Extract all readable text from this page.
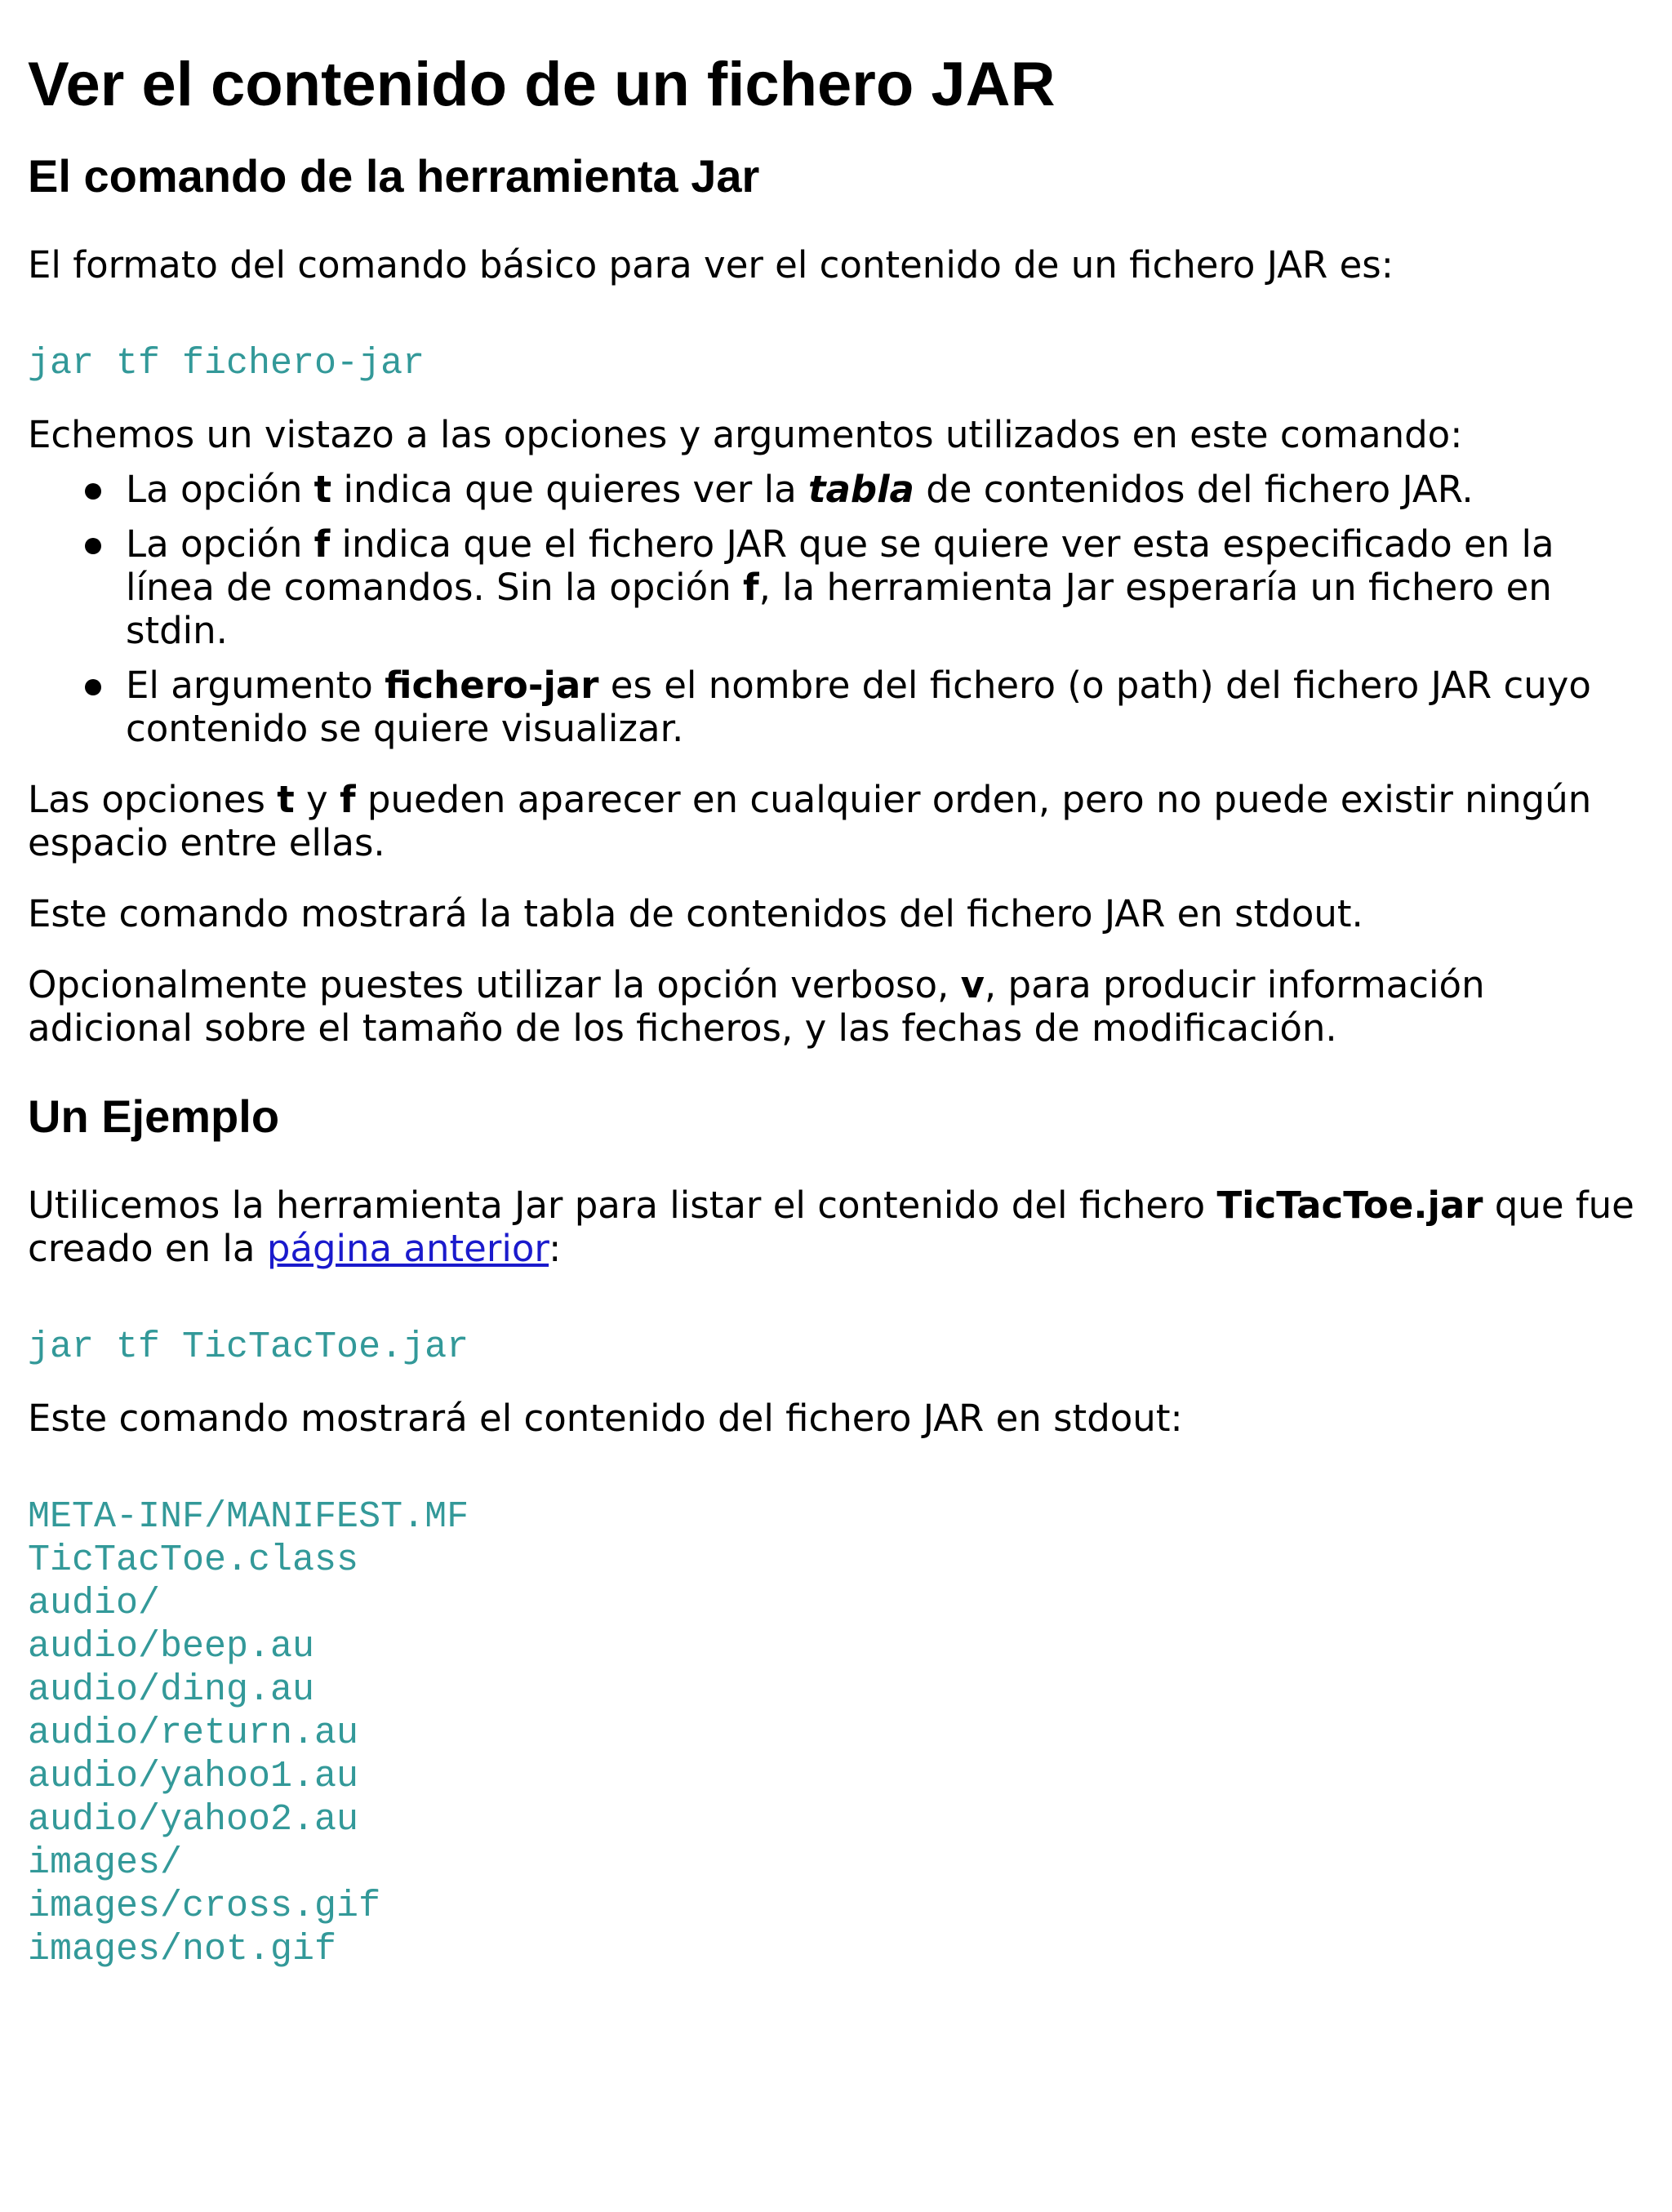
Ver el contenido de un fichero JAR
El comando de la herramienta Jar

El formato del comando básico para ver el contenido de un fichero JAR es:

jar tf fichero-jar

Echemos un vistazo a las opciones y argumentos utilizados en este comando:

La opción t indica que quieres ver la tabla de contenidos del fichero JAR.
La opción f indica que el fichero JAR que se quiere ver esta especificado en la línea de comandos. Sin la opción f, la herramienta Jar esperaría un fichero en stdin.
El argumento fichero-jar es el nombre del fichero (o path) del fichero JAR cuyo contenido se quiere visualizar.

Las opciones t y f pueden aparecer en cualquier orden, pero no puede existir ningún espacio entre ellas.

Este comando mostrará la tabla de contenidos del fichero JAR en stdout.

Opcionalmente puestes utilizar la opción verboso, v, para producir información adicional sobre el tamaño de los ficheros, y las fechas de modificación.

Un Ejemplo

Utilicemos la herramienta Jar para listar el contenido del fichero TicTacToe.jar que fue creado en la página anterior:

jar tf TicTacToe.jar

Este comando mostrará el contenido del fichero JAR en stdout:

META-INF/MANIFEST.MF
TicTacToe.class
audio/
audio/beep.au
audio/ding.au
audio/return.au
audio/yahoo1.au
audio/yahoo2.au
images/
images/cross.gif
images/not.gif
